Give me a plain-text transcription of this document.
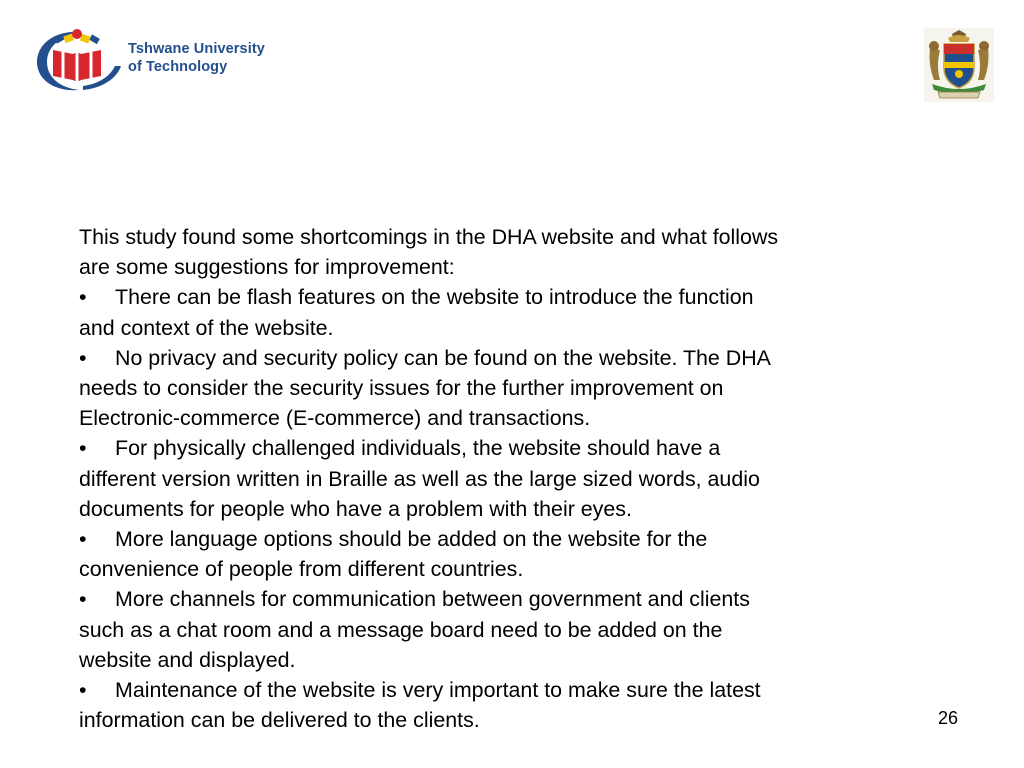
Tshwane University
of Technology

This study found some shortcomings in the DHA website and what follows
are some suggestions for improvement:

• There can be flash features on the website to introduce the function
and context of the website.

• No privacy and security policy can be found on the website. The DHA
needs to consider the security issues for the further improvement on
Electronic-commerce (E-commerce) and transactions.

• For physically challenged individuals, the website should have a
different version written in Braille as well as the large sized words, audio
documents for people who have a problem with their eyes.

• More language options should be added on the website for the
convenience of people from different countries.

• More channels for communication between government and clients
such as a chat room and a message board need to be added on the
website and displayed.

• Maintenance of the website is very important to make sure the latest
information can be delivered to the clients.	26
